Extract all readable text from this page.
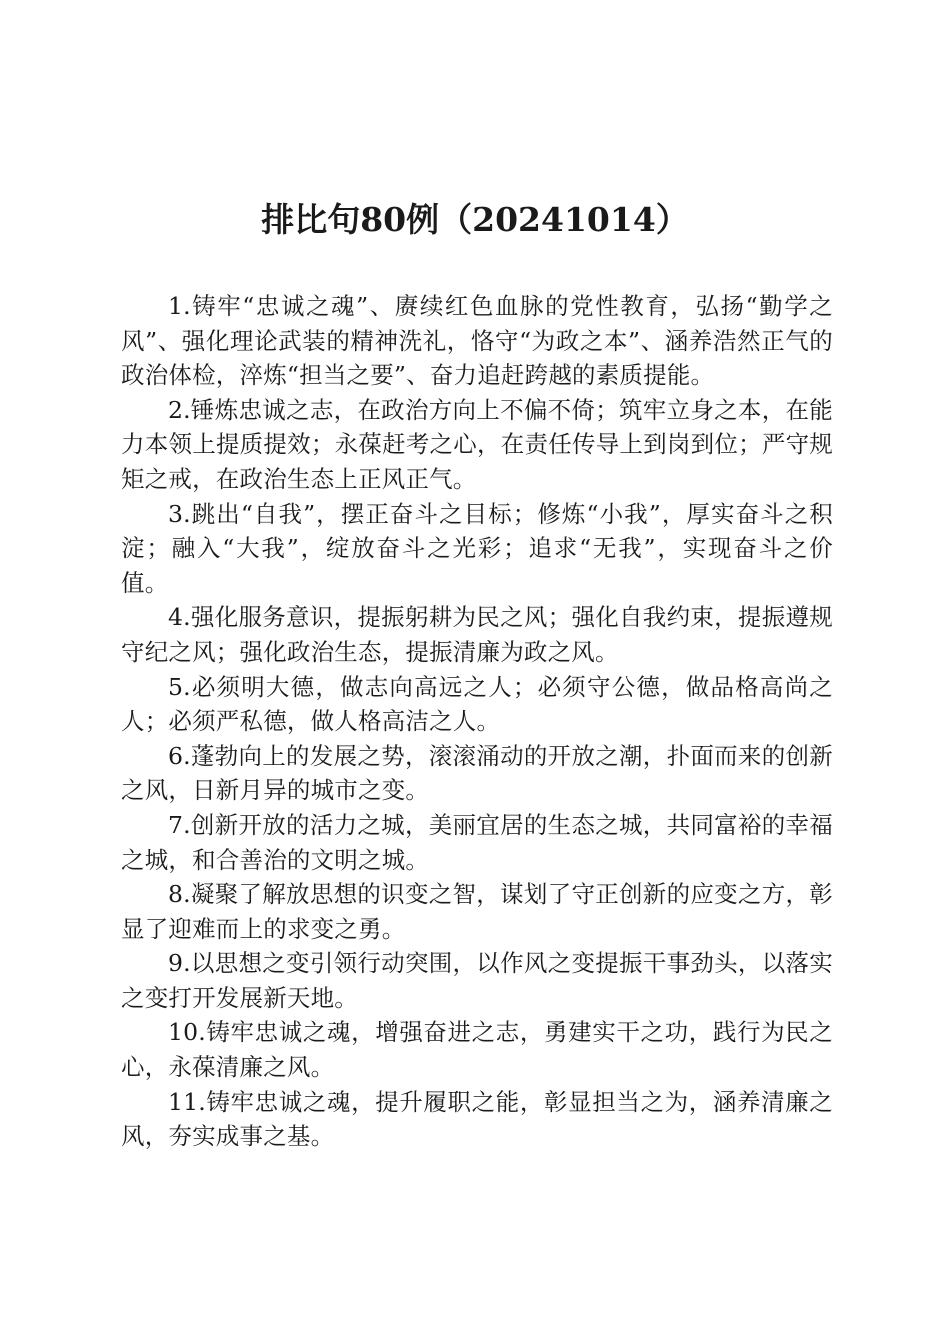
排比句80例（20241014）

1.铸牢“忠诚之魂”、赓续红色血脉的党性教育，弘扬“勤学之风”、强化理论武装的精神洗礼，恪守“为政之本”、涵养浩然正气的政治体检，淬炼“担当之要”、奋力追赶跨越的素质提能。

2.锤炼忠诚之志，在政治方向上不偏不倚；筑牢立身之本，在能力本领上提质提效；永葆赶考之心，在责任传导上到岗到位；严守规矩之戒，在政治生态上正风正气。

3.跳出“自我”，摆正奋斗之目标；修炼“小我”，厚实奋斗之积淀；融入“大我”，绽放奋斗之光彩；追求“无我”，实现奋斗之价值。

4.强化服务意识，提振躬耕为民之风；强化自我约束，提振遵规守纪之风；强化政治生态，提振清廉为政之风。

5.必须明大德，做志向高远之人；必须守公德，做品格高尚之人；必须严私德，做人格高洁之人。

6.蓬勃向上的发展之势，滚滚涌动的开放之潮，扑面而来的创新之风，日新月异的城市之变。

7.创新开放的活力之城，美丽宜居的生态之城，共同富裕的幸福之城，和合善治的文明之城。

8.凝聚了解放思想的识变之智，谋划了守正创新的应变之方，彰显了迎难而上的求变之勇。

9.以思想之变引领行动突围，以作风之变提振干事劲头，以落实之变打开发展新天地。

10.铸牢忠诚之魂，增强奋进之志，勇建实干之功，践行为民之心，永葆清廉之风。

11.铸牢忠诚之魂，提升履职之能，彰显担当之为，涵养清廉之风，夯实成事之基。
